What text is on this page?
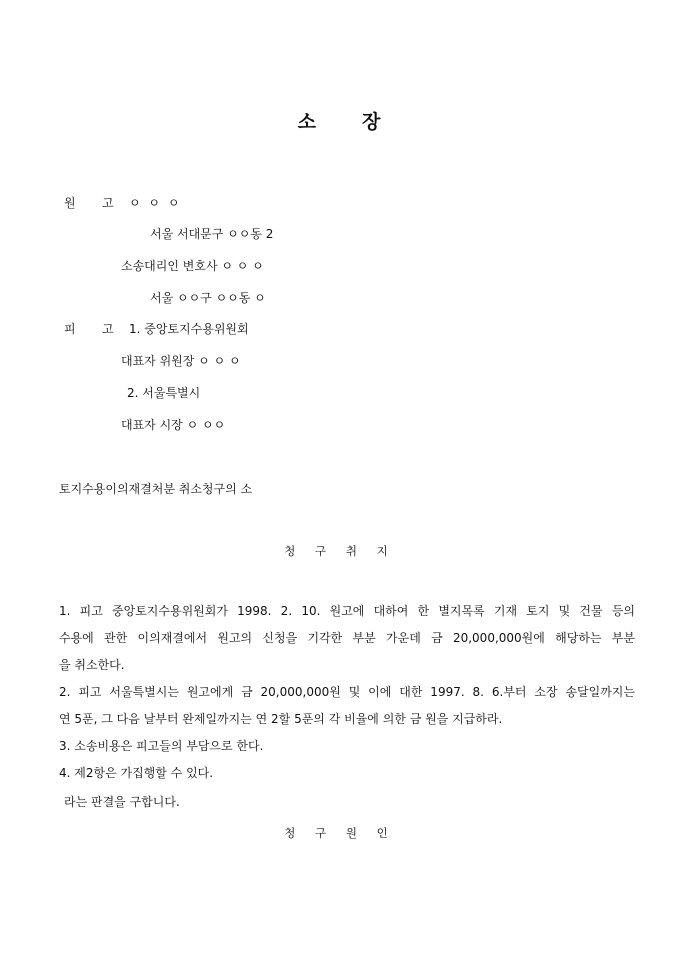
소 장
원 고 ㅇ ㅇ ㅇ
서울 서대문구 ㅇㅇ동 2
소송대리인 변호사 ㅇ ㅇ ㅇ
서울 ㅇㅇ구 ㅇㅇ동 ㅇ
피 고 1. 중앙토지수용위원회
대표자 위원장 ㅇ ㅇ ㅇ
2. 서울특별시
대표자 시장 ㅇ ㅇㅇ
토지수용이의재결처분 취소청구의 소
청 구 취 지
1. 피고 중앙토지수용위원회가 1998. 2. 10. 원고에 대하여 한 별지목록 기재 토지 및 건물 등의
수용에 관한 이의재결에서 원고의 신청을 기각한 부분 가운데 금 20,000,000원에 해당하는 부분
을 취소한다.
2. 피고 서울특별시는 원고에게 금 20,000,000원 및 이에 대한 1997. 8. 6.부터 소장 송달일까지는
연 5푼, 그 다음 날부터 완제일까지는 연 2할 5푼의 각 비율에 의한 금 원을 지급하라.
3. 소송비용은 피고들의 부담으로 한다.
4. 제2항은 가집행할 수 있다.
라는 판결을 구합니다.
청 구 원 인
